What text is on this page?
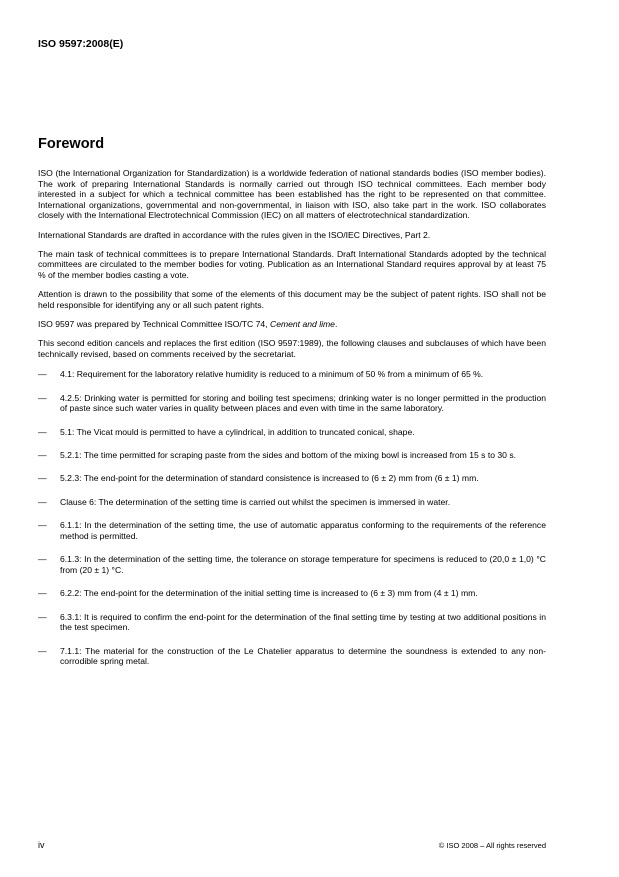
ISO 9597:2008(E)
Foreword

ISO (the International Organization for Standardization) is a worldwide federation of national standards bodies (ISO member bodies). The work of preparing International Standards is normally carried out through ISO technical committees. Each member body interested in a subject for which a technical committee has been established has the right to be represented on that committee. International organizations, governmental and non-governmental, in liaison with ISO, also take part in the work. ISO collaborates closely with the International Electrotechnical Commission (IEC) on all matters of electrotechnical standardization.

International Standards are drafted in accordance with the rules given in the ISO/IEC Directives, Part 2.

The main task of technical committees is to prepare International Standards. Draft International Standards adopted by the technical committees are circulated to the member bodies for voting. Publication as an International Standard requires approval by at least 75 % of the member bodies casting a vote.

Attention is drawn to the possibility that some of the elements of this document may be the subject of patent rights. ISO shall not be held responsible for identifying any or all such patent rights.

ISO 9597 was prepared by Technical Committee ISO/TC 74, Cement and lime.

This second edition cancels and replaces the first edition (ISO 9597:1989), the following clauses and subclauses of which have been technically revised, based on comments received by the secretariat.

— 4.1: Requirement for the laboratory relative humidity is reduced to a minimum of 50 % from a minimum of 65 %.
— 4.2.5: Drinking water is permitted for storing and boiling test specimens; drinking water is no longer permitted in the production of paste since such water varies in quality between places and even with time in the same laboratory.
— 5.1: The Vicat mould is permitted to have a cylindrical, in addition to truncated conical, shape.
— 5.2.1: The time permitted for scraping paste from the sides and bottom of the mixing bowl is increased from 15 s to 30 s.
— 5.2.3: The end-point for the determination of standard consistence is increased to (6 ± 2) mm from (6 ± 1) mm.
— Clause 6: The determination of the setting time is carried out whilst the specimen is immersed in water.
— 6.1.1: In the determination of the setting time, the use of automatic apparatus conforming to the requirements of the reference method is permitted.
— 6.1.3: In the determination of the setting time, the tolerance on storage temperature for specimens is reduced to (20,0 ± 1,0) °C from (20 ± 1) °C.
— 6.2.2: The end-point for the determination of the initial setting time is increased to (6 ± 3) mm from (4 ± 1) mm.
— 6.3.1: It is required to confirm the end-point for the determination of the final setting time by testing at two additional positions in the test specimen.
— 7.1.1: The material for the construction of the Le Chatelier apparatus to determine the soundness is extended to any non-corrodible spring metal.
iv	© ISO 2008 – All rights reserved
